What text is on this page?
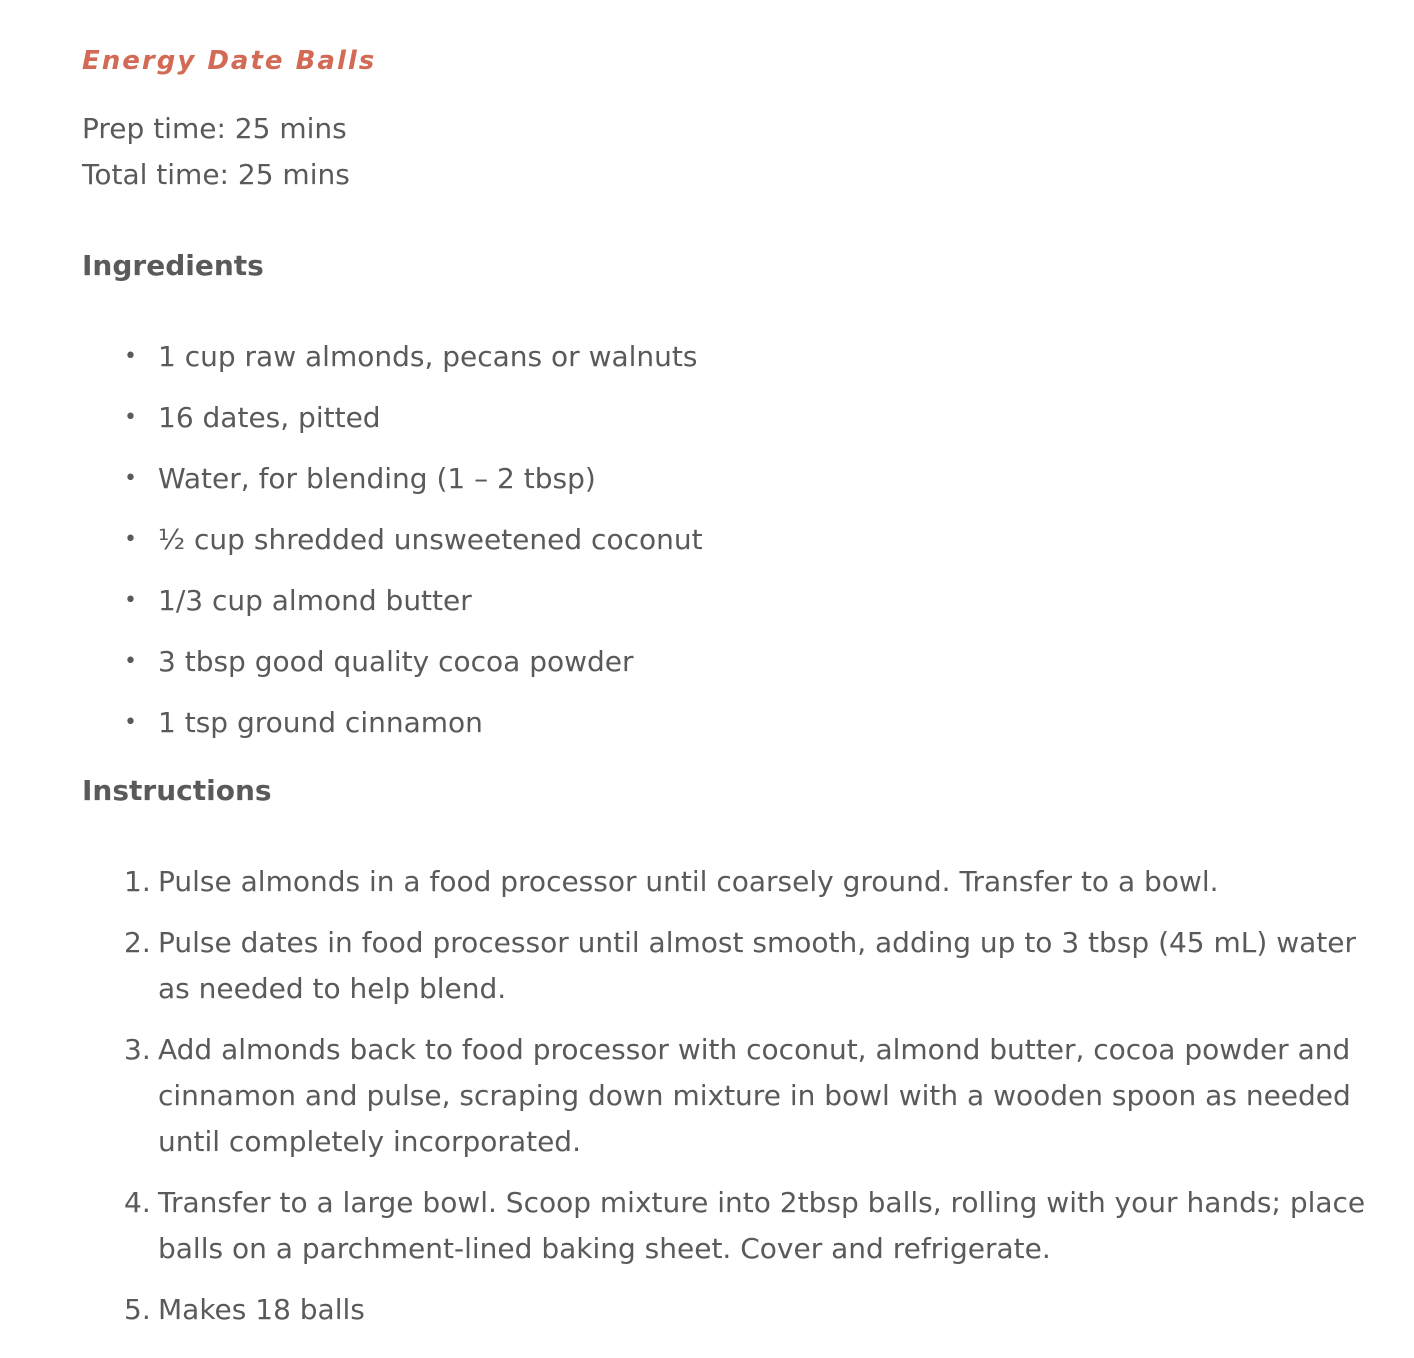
Energy Date Balls
Prep time: 25 mins
Total time: 25 mins
Ingredients
• 1 cup raw almonds, pecans or walnuts
• 16 dates, pitted
• Water, for blending (1 – 2 tbsp)
• ½ cup shredded unsweetened coconut
• 1/3 cup almond butter
• 3 tbsp good quality cocoa powder
• 1 tsp ground cinnamon
Instructions
1. Pulse almonds in a food processor until coarsely ground. Transfer to a bowl.
2. Pulse dates in food processor until almost smooth, adding up to 3 tbsp (45 mL) water as needed to help blend.
3. Add almonds back to food processor with coconut, almond butter, cocoa powder and cinnamon and pulse, scraping down mixture in bowl with a wooden spoon as needed until completely incorporated.
4. Transfer to a large bowl. Scoop mixture into 2tbsp balls, rolling with your hands; place balls on a parchment-lined baking sheet. Cover and refrigerate.
5. Makes 18 balls
